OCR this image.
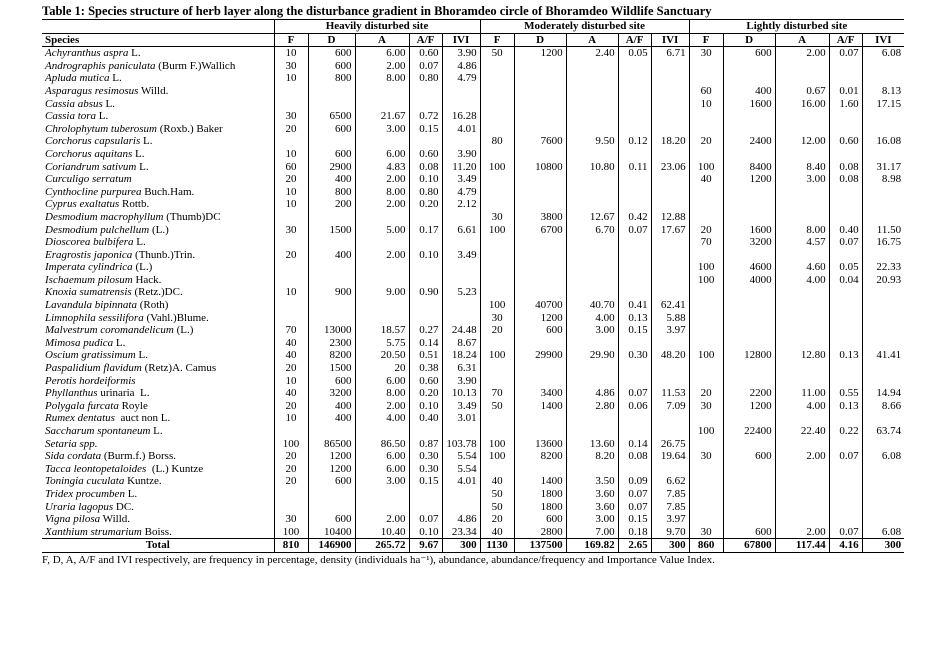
Table 1: Species structure of herb layer along the disturbance gradient in Bhoramdeo circle of Bhoramdeo Wildlife Sanctuary
	Heavily disturbed site					Moderately disturbed site					Lightly disturbed site				
Species	F	D	A	A/F	IVI	F	D	A	A/F	IVI	F	D	A	A/F	IVI
Achyranthus aspra L.	10	600	6.00	0.60	3.90	50	1200	2.40	0.05	6.71	30	600	2.00	0.07	6.08
Andrographis paniculata (Burm F.)Wallich	30	600	2.00	0.07	4.86										
Apluda mutica L.	10	800	8.00	0.80	4.79										
Asparagus resimosus Willd.											60	400	0.67	0.01	8.13
Cassia absus L.											10	1600	16.00	1.60	17.15
Cassia tora L.	30	6500	21.67	0.72	16.28										
Chrolophytum tuberosum (Roxb.) Baker	20	600	3.00	0.15	4.01										
Corchorus capsularis L.						80	7600	9.50	0.12	18.20	20	2400	12.00	0.60	16.08
Corchorus aquitans L.	10	600	6.00	0.60	3.90										
Coriandrum sativum L.	60	2900	4.83	0.08	11.20	100	10800	10.80	0.11	23.06	100	8400	8.40	0.08	31.17
Curculigo serratum	20	400	2.00	0.10	3.49						40	1200	3.00	0.08	8.98
Cynthocline purpurea Buch.Ham.	10	800	8.00	0.80	4.79										
Cyprus exaltatus Rottb.	10	200	2.00	0.20	2.12										
Desmodium macrophyllum (Thumb)DC						30	3800	12.67	0.42	12.88					
Desmodium pulchellum (L.)	30	1500	5.00	0.17	6.61	100	6700	6.70	0.07	17.67	20	1600	8.00	0.40	11.50
Dioscorea bulbifera L.											70	3200	4.57	0.07	16.75
Eragrostis japonica (Thunb.)Trin.	20	400	2.00	0.10	3.49										
Imperata cylindrica (L.)											100	4600	4.60	0.05	22.33
Ischaemum pilosum Hack.											100	4000	4.00	0.04	20.93
Knoxia sumatrensis (Retz.)DC.	10	900	9.00	0.90	5.23										
Lavandula bipinnata (Roth)						100	40700	40.70	0.41	62.41					
Limnophila sessilifora (Vahl.)Blume.						30	1200	4.00	0.13	5.88					
Malvestrum coromandelicum (L.)	70	13000	18.57	0.27	24.48	20	600	3.00	0.15	3.97					
Mimosa pudica L.	40	2300	5.75	0.14	8.67										
Oscium gratissimum L.	40	8200	20.50	0.51	18.24	100	29900	29.90	0.30	48.20	100	12800	12.80	0.13	41.41
Paspalidium flavidum (Retz)A. Camus	20	1500	20	0.38	6.31										
Perotis hordeiformis	10	600	6.00	0.60	3.90										
Phyllanthus urinaria  L.	40	3200	8.00	0.20	10.13	70	3400	4.86	0.07	11.53	20	2200	11.00	0.55	14.94
Polygala furcata Royle	20	400	2.00	0.10	3.49	50	1400	2.80	0.06	7.09	30	1200	4.00	0.13	8.66
Rumex dentatus  auct non L.	10	400	4.00	0.40	3.01										
Saccharum spontaneum L.											100	22400	22.40	0.22	63.74
Setaria spp.	100	86500	86.50	0.87	103.78	100	13600	13.60	0.14	26.75					
Sida cordata (Burm.f.) Borss.	20	1200	6.00	0.30	5.54	100	8200	8.20	0.08	19.64	30	600	2.00	0.07	6.08
Tacca leontopetaloides  (L.) Kuntze	20	1200	6.00	0.30	5.54										
Toningia cuculata Kuntze.	20	600	3.00	0.15	4.01	40	1400	3.50	0.09	6.62					
Tridex procumben L.						50	1800	3.60	0.07	7.85					
Uraria lagopus DC.						50	1800	3.60	0.07	7.85					
Vigna pilosa Willd.	30	600	2.00	0.07	4.86	20	600	3.00	0.15	3.97					
Xanthium strumarium Boiss.	100	10400	10.40	0.10	23.34	40	2800	7.00	0.18	9.70	30	600	2.00	0.07	6.08
Total	810	146900	265.72	9.67	300	1130	137500	169.82	2.65	300	860	67800	117.44	4.16	300
F, D, A, A/F and IVI respectively, are frequency in percentage, density (individuals ha⁻¹), abundance, abundance/frequency and Importance Value Index.
